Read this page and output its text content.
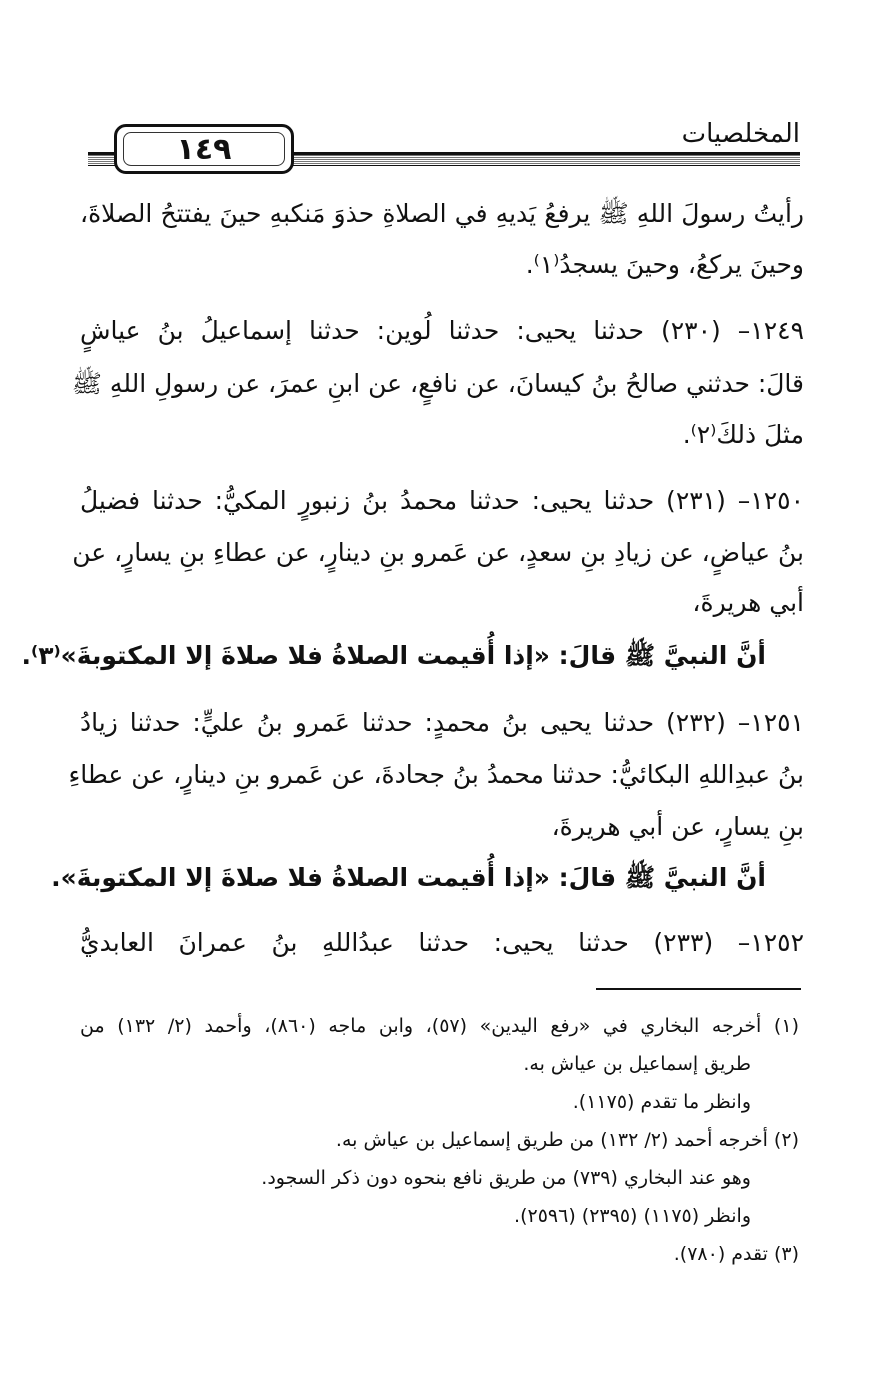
١٤٩	المخلصيات
رأيتُ رسولَ اللهِ ﷺ يرفعُ يَديهِ في الصلاةِ حذوَ مَنكبهِ حينَ يفتتحُ الصلاةَ،
وحينَ يركعُ، وحينَ يسجدُ⁽١⁾.
١٢٤٩– (٢٣٠) حدثنا يحيى: حدثنا لُوين: حدثنا إسماعيلُ بنُ عياشٍ
قالَ: حدثني صالحُ بنُ كيسانَ، عن نافعٍ، عن ابنِ عمرَ، عن رسولِ اللهِ ﷺ
مثلَ ذلكَ⁽٢⁾.
١٢٥٠– (٢٣١) حدثنا يحيى: حدثنا محمدُ بنُ زنبورٍ المكيُّ: حدثنا فضيلُ
بنُ عياضٍ، عن زيادِ بنِ سعدٍ، عن عَمرو بنِ دينارٍ، عن عطاءِ بنِ يسارٍ، عن
أبي هريرةَ،
أنَّ النبيَّ ﷺ قالَ: «إذا أُقيمت الصلاةُ فلا صلاةَ إلا المكتوبةَ»⁽٣⁾.
١٢٥١– (٢٣٢) حدثنا يحيى بنُ محمدٍ: حدثنا عَمرو بنُ عليٍّ: حدثنا زيادُ
بنُ عبدِاللهِ البكائيُّ: حدثنا محمدُ بنُ جحادةَ، عن عَمرو بنِ دينارٍ، عن عطاءِ
بنِ يسارٍ، عن أبي هريرةَ،
أنَّ النبيَّ ﷺ قالَ: «إذا أُقيمت الصلاةُ فلا صلاةَ إلا المكتوبةَ».
١٢٥٢– (٢٣٣) حدثنا يحيى: حدثنا عبدُاللهِ بنُ عمرانَ العابديُّ
(١) أخرجه البخاري في «رفع اليدين» (٥٧)، وابن ماجه (٨٦٠)، وأحمد (٢/ ١٣٢) من
طريق إسماعيل بن عياش به.
وانظر ما تقدم (١١٧٥).
(٢) أخرجه أحمد (٢/ ١٣٢) من طريق إسماعيل بن عياش به.
وهو عند البخاري (٧٣٩) من طريق نافع بنحوه دون ذكر السجود.
وانظر (١١٧٥) (٢٣٩٥) (٢٥٩٦).
(٣) تقدم (٧٨٠).
